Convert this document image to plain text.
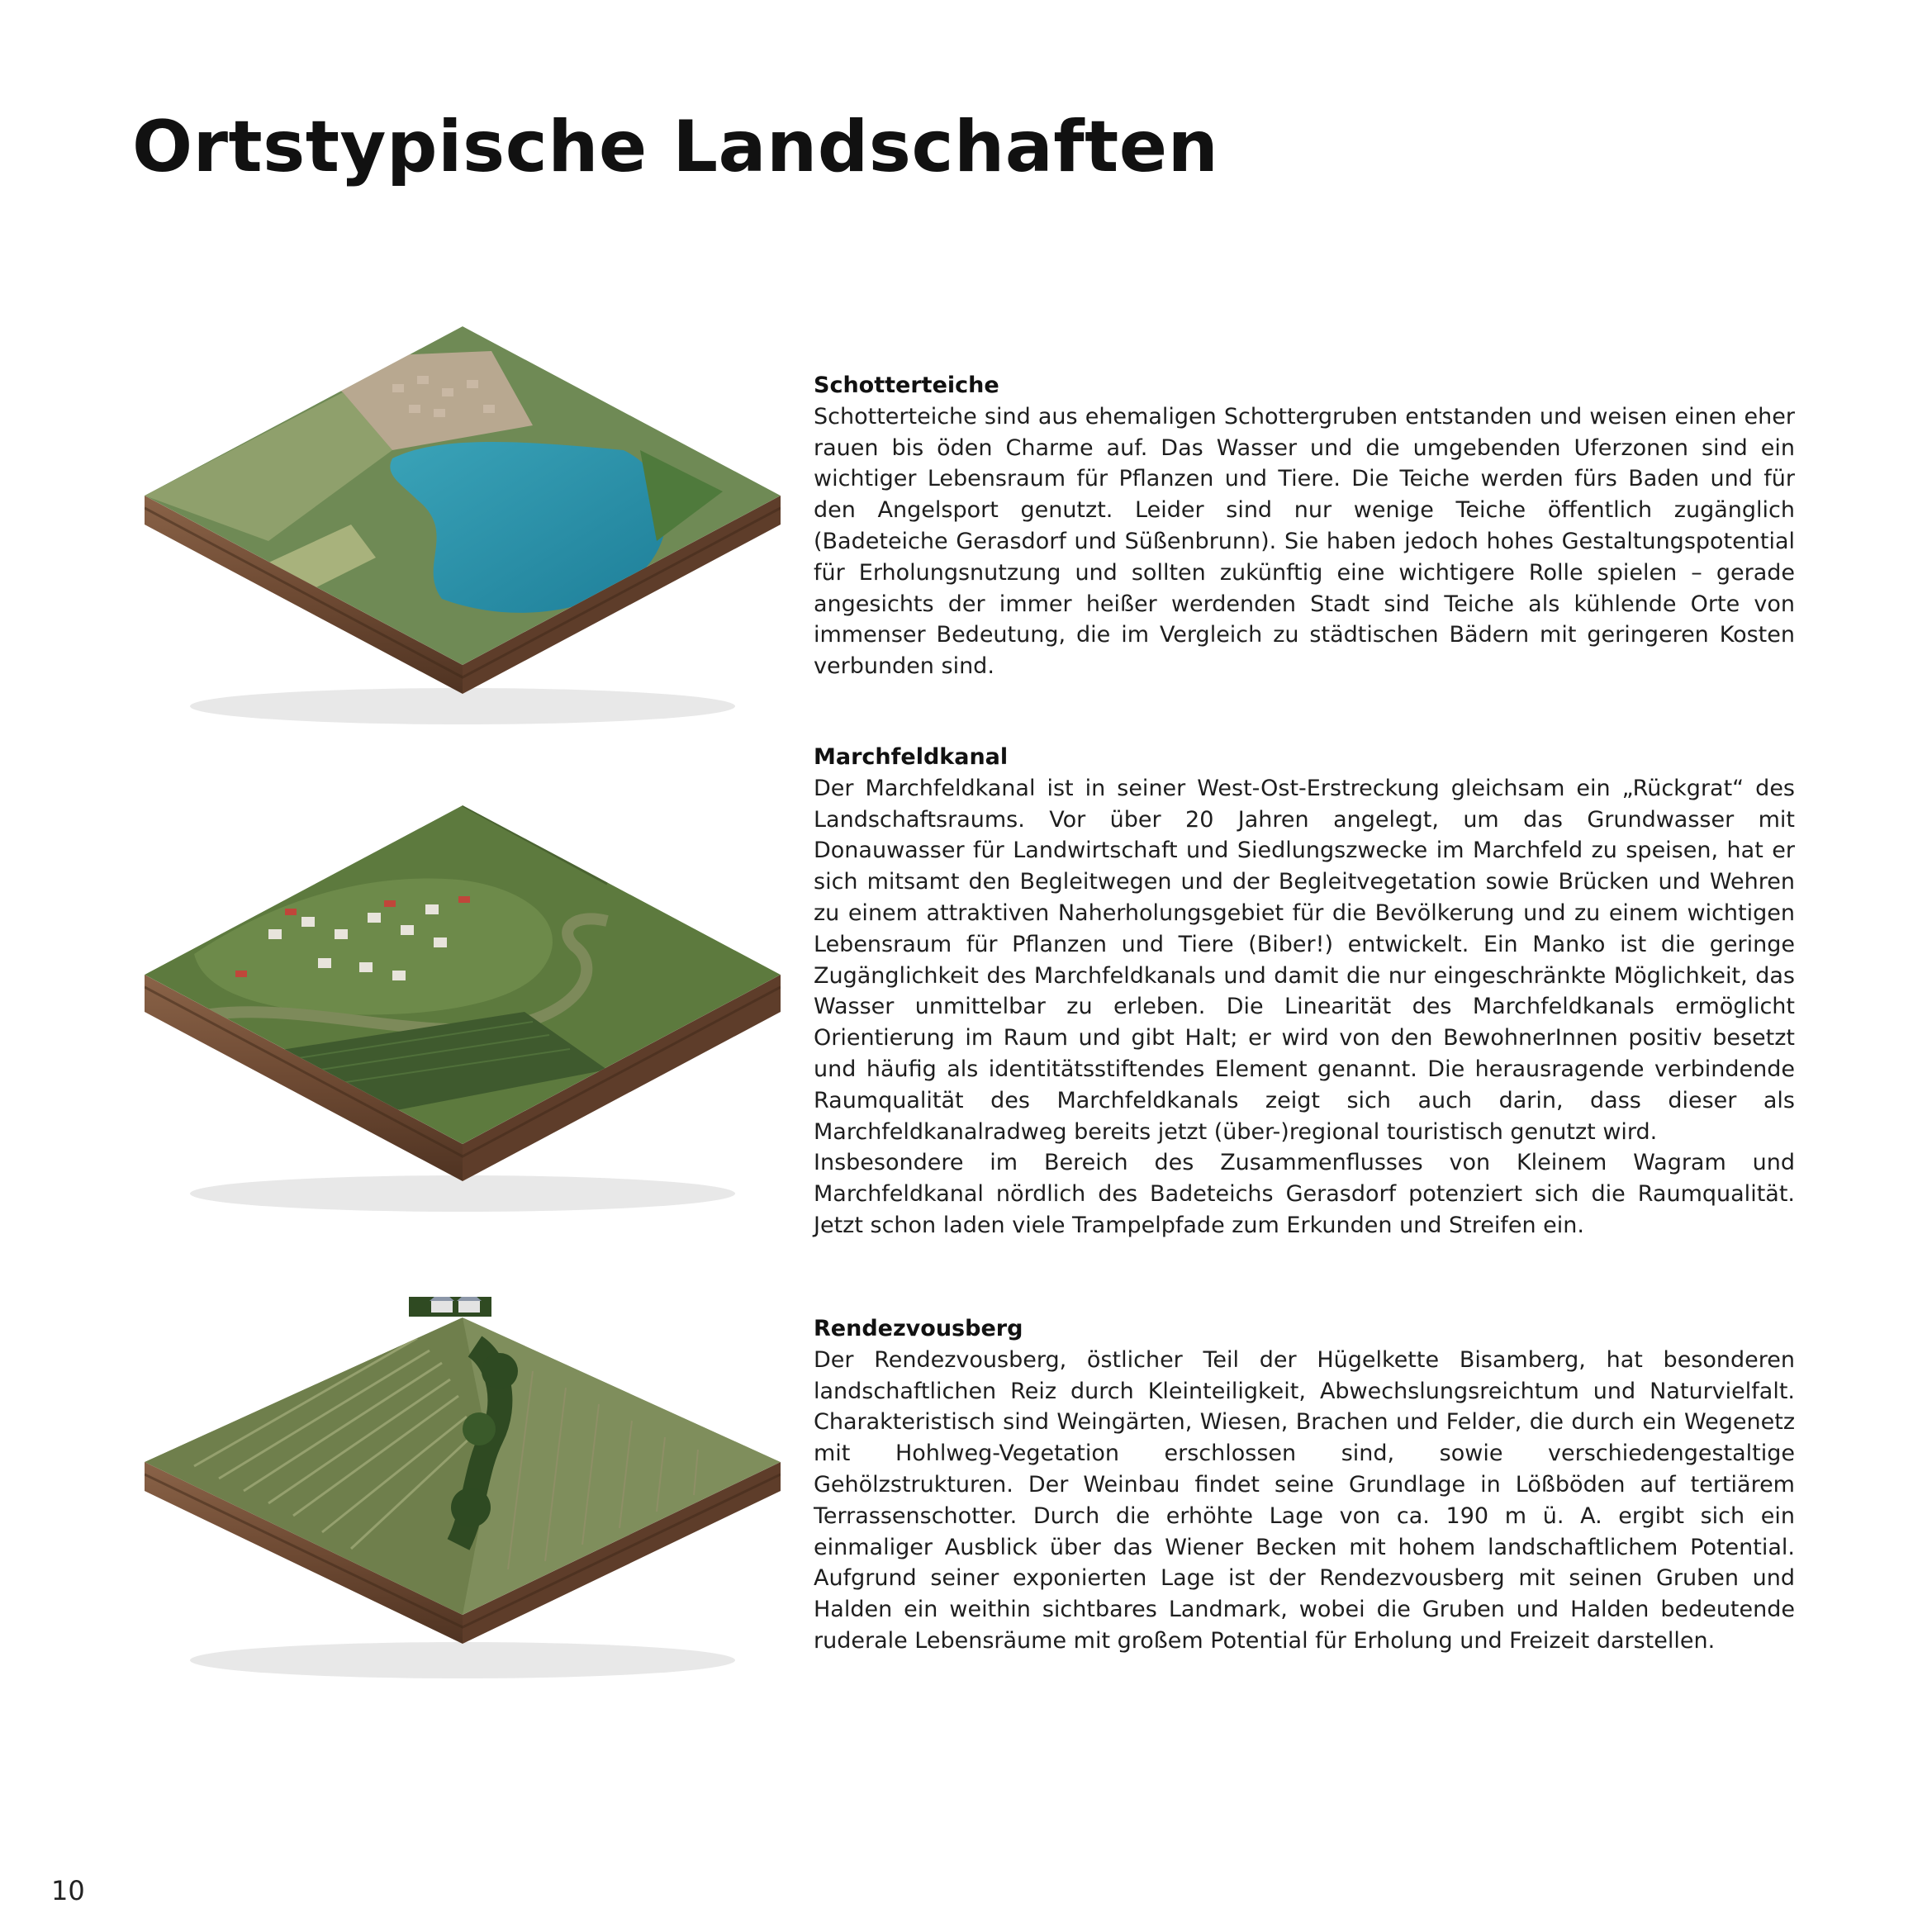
Ortstypische Landschaften
Schotterteiche

Schotterteiche sind aus ehemaligen Schottergruben entstanden und weisen einen eher rauen bis öden Charme auf. Das Wasser und die umgebenden Uferzonen sind ein wichtiger Lebensraum für Pflanzen und Tiere. Die Teiche werden fürs Baden und für den Angelsport genutzt. Leider sind nur wenige Teiche öffentlich zugänglich (Badeteiche Gerasdorf und Süßenbrunn). Sie haben jedoch hohes Gestaltungspotential für Erholungsnutzung und sollten zukünftig eine wichtigere Rolle spielen – gerade angesichts der immer heißer werdenden Stadt sind Teiche als kühlende Orte von immenser Bedeutung, die im Vergleich zu städtischen Bädern mit geringeren Kosten verbunden sind.

Marchfeldkanal

Der Marchfeldkanal ist in seiner West-Ost-Erstreckung gleichsam ein „Rückgrat“ des Landschaftsraums. Vor über 20 Jahren angelegt, um das Grundwasser mit Donauwasser für Landwirtschaft und Siedlungszwecke im Marchfeld zu speisen, hat er sich mitsamt den Begleitwegen und der Begleitvegetation sowie Brücken und Wehren zu einem attraktiven Naherholungsgebiet für die Bevölkerung und zu einem wichtigen Lebensraum für Pflanzen und Tiere (Biber!) entwickelt. Ein Manko ist die geringe Zugänglichkeit des Marchfeldkanals und damit die nur eingeschränkte Möglichkeit, das Wasser unmittelbar zu erleben. Die Linearität des Marchfeldkanals ermöglicht Orientierung im Raum und gibt Halt; er wird von den BewohnerInnen positiv besetzt und häufig als identitätsstiftendes Element genannt. Die herausragende verbindende Raumqualität des Marchfeldkanals zeigt sich auch darin, dass dieser als Marchfeldkanalradweg bereits jetzt (über-)regional touristisch genutzt wird.

Insbesondere im Bereich des Zusammenflusses von Kleinem Wagram und Marchfeldkanal nördlich des Badeteichs Gerasdorf potenziert sich die Raumqualität. Jetzt schon laden viele Trampelpfade zum Erkunden und Streifen ein.

Rendezvousberg

Der Rendezvousberg, östlicher Teil der Hügelkette Bisamberg, hat besonderen landschaftlichen Reiz durch Kleinteiligkeit, Abwechslungsreichtum und Naturvielfalt. Charakteristisch sind Weingärten, Wiesen, Brachen und Felder, die durch ein Wegenetz mit Hohlweg-Vegetation erschlossen sind, sowie verschiedengestaltige Gehölzstrukturen. Der Weinbau findet seine Grundlage in Lößböden auf tertiärem Terrassenschotter. Durch die erhöhte Lage von ca. 190 m ü. A. ergibt sich ein einmaliger Ausblick über das Wiener Becken mit hohem landschaftlichem Potential. Aufgrund seiner exponierten Lage ist der Rendezvousberg mit seinen Gruben und Halden ein weithin sichtbares Landmark, wobei die Gruben und Halden bedeutende ruderale Lebensräume mit großem Potential für Erholung und Freizeit darstellen.

10
